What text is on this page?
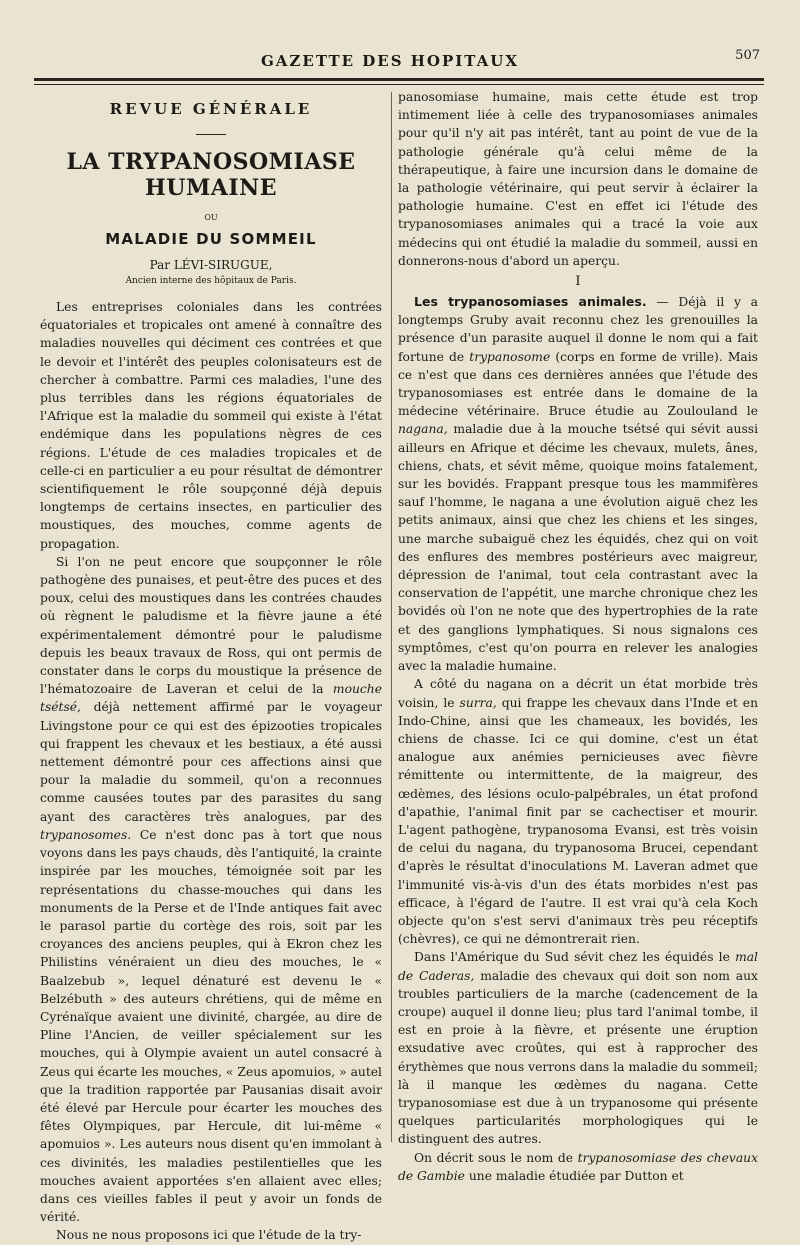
GAZETTE DES HOPITAUX	507
REVUE GÉNÉRALE
LA TRYPANOSOMIASE HUMAINE
OU
MALADIE DU SOMMEIL
Par LÉVI-SIRUGUE,
Ancien interne des hôpitaux de Paris.

Les entreprises coloniales dans les contrées équatoriales et tropicales ont amené à connaître des maladies nouvelles qui déciment ces contrées et que le devoir et l'intérêt des peuples colonisateurs est de chercher à combattre. Parmi ces maladies, l'une des plus terribles dans les régions équatoriales de l'Afrique est la maladie du sommeil qui existe à l'état endémique dans les populations nègres de ces régions. L'étude de ces maladies tropicales et de celle-ci en particulier a eu pour résultat de démontrer scientifiquement le rôle soupçonné déjà depuis longtemps de certains insectes, en particulier des moustiques, des mouches, comme agents de propagation.

Si l'on ne peut encore que soupçonner le rôle pathogène des punaises, et peut-être des puces et des poux, celui des moustiques dans les contrées chaudes où règnent le paludisme et la fièvre jaune a été expérimentalement démontré pour le paludisme depuis les beaux travaux de Ross, qui ont permis de constater dans le corps du moustique la présence de l'hématozoaire de Laveran et celui de la mouche tsétsé, déjà nettement affirmé par le voyageur Livingstone pour ce qui est des épizooties tropicales qui frappent les chevaux et les bestiaux, a été aussi nettement démontré pour ces affections ainsi que pour la maladie du sommeil, qu'on a reconnues comme causées toutes par des parasites du sang ayant des caractères très analogues, par des trypanosomes. Ce n'est donc pas à tort que nous voyons dans les pays chauds, dès l'antiquité, la crainte inspirée par les mouches, témoignée soit par les représentations du chasse-mouches qui dans les monuments de la Perse et de l'Inde antiques fait avec le parasol partie du cortège des rois, soit par les croyances des anciens peuples, qui à Ekron chez les Philistins vénéraient un dieu des mouches, le « Baalzebub », lequel dénaturé est devenu le « Belzébuth » des auteurs chrétiens, qui de même en Cyrénaïque avaient une divinité, chargée, au dire de Pline l'Ancien, de veiller spécialement sur les mouches, qui à Olympie avaient un autel consacré à Zeus qui écarte les mouches, « Zeus apomuios, » autel que la tradition rapportée par Pausanias disait avoir été élevé par Hercule pour écarter les mouches des fêtes Olympiques, par Hercule, dit lui-même « apomuios ». Les auteurs nous disent qu'en immolant à ces divinités, les maladies pestilentielles que les mouches avaient apportées s'en allaient avec elles; dans ces vieilles fables il peut y avoir un fonds de vérité.

Nous ne nous proposons ici que l'étude de la try-

panosomiase humaine, mais cette étude est trop intimement liée à celle des trypanosomiases animales pour qu'il n'y ait pas intérêt, tant au point de vue de la pathologie générale qu'à celui même de la thérapeutique, à faire une incursion dans le domaine de la pathologie vétérinaire, qui peut servir à éclairer la pathologie humaine. C'est en effet ici l'étude des trypanosomiases animales qui a tracé la voie aux médecins qui ont étudié la maladie du sommeil, aussi en donnerons-nous d'abord un aperçu.

I

Les trypanosomiases animales. — Déjà il y a longtemps Gruby avait reconnu chez les grenouilles la présence d'un parasite auquel il donne le nom qui a fait fortune de trypanosome (corps en forme de vrille). Mais ce n'est que dans ces dernières années que l'étude des trypanosomiases est entrée dans le domaine de la médecine vétérinaire. Bruce étudie au Zoulouland le nagana, maladie due à la mouche tsétsé qui sévit aussi ailleurs en Afrique et décime les chevaux, mulets, ânes, chiens, chats, et sévit même, quoique moins fatalement, sur les bovidés. Frappant presque tous les mammifères sauf l'homme, le nagana a une évolution aiguë chez les petits animaux, ainsi que chez les chiens et les singes, une marche subaiguë chez les équidés, chez qui on voit des enflures des membres postérieurs avec maigreur, dépression de l'animal, tout cela contrastant avec la conservation de l'appétit, une marche chronique chez les bovidés où l'on ne note que des hypertrophies de la rate et des ganglions lymphatiques. Si nous signalons ces symptômes, c'est qu'on pourra en relever les analogies avec la maladie humaine.

A côté du nagana on a décrit un état morbide très voisin, le surra, qui frappe les chevaux dans l'Inde et en Indo-Chine, ainsi que les chameaux, les bovidés, les chiens de chasse. Ici ce qui domine, c'est un état analogue aux anémies pernicieuses avec fièvre rémittente ou intermittente, de la maigreur, des œdèmes, des lésions oculo-palpébrales, un état profond d'apathie, l'animal finit par se cachectiser et mourir. L'agent pathogène, trypanosoma Evansi, est très voisin de celui du nagana, du trypanosoma Brucei, cependant d'après le résultat d'inoculations M. Laveran admet que l'immunité vis-à-vis d'un des états morbides n'est pas efficace, à l'égard de l'autre. Il est vrai qu'à cela Koch objecte qu'on s'est servi d'animaux très peu réceptifs (chèvres), ce qui ne démontrerait rien.

Dans l'Amérique du Sud sévit chez les équidés le mal de Caderas, maladie des chevaux qui doit son nom aux troubles particuliers de la marche (cadencement de la croupe) auquel il donne lieu; plus tard l'animal tombe, il est en proie à la fièvre, et présente une éruption exsudative avec croûtes, qui est à rapprocher des érythèmes que nous verrons dans la maladie du sommeil; là il manque les œdèmes du nagana. Cette trypanosomiase est due à un trypanosome qui présente quelques particularités morphologiques qui le distinguent des autres.

On décrit sous le nom de trypanosomiase des chevaux de Gambie une maladie étudiée par Dutton et
